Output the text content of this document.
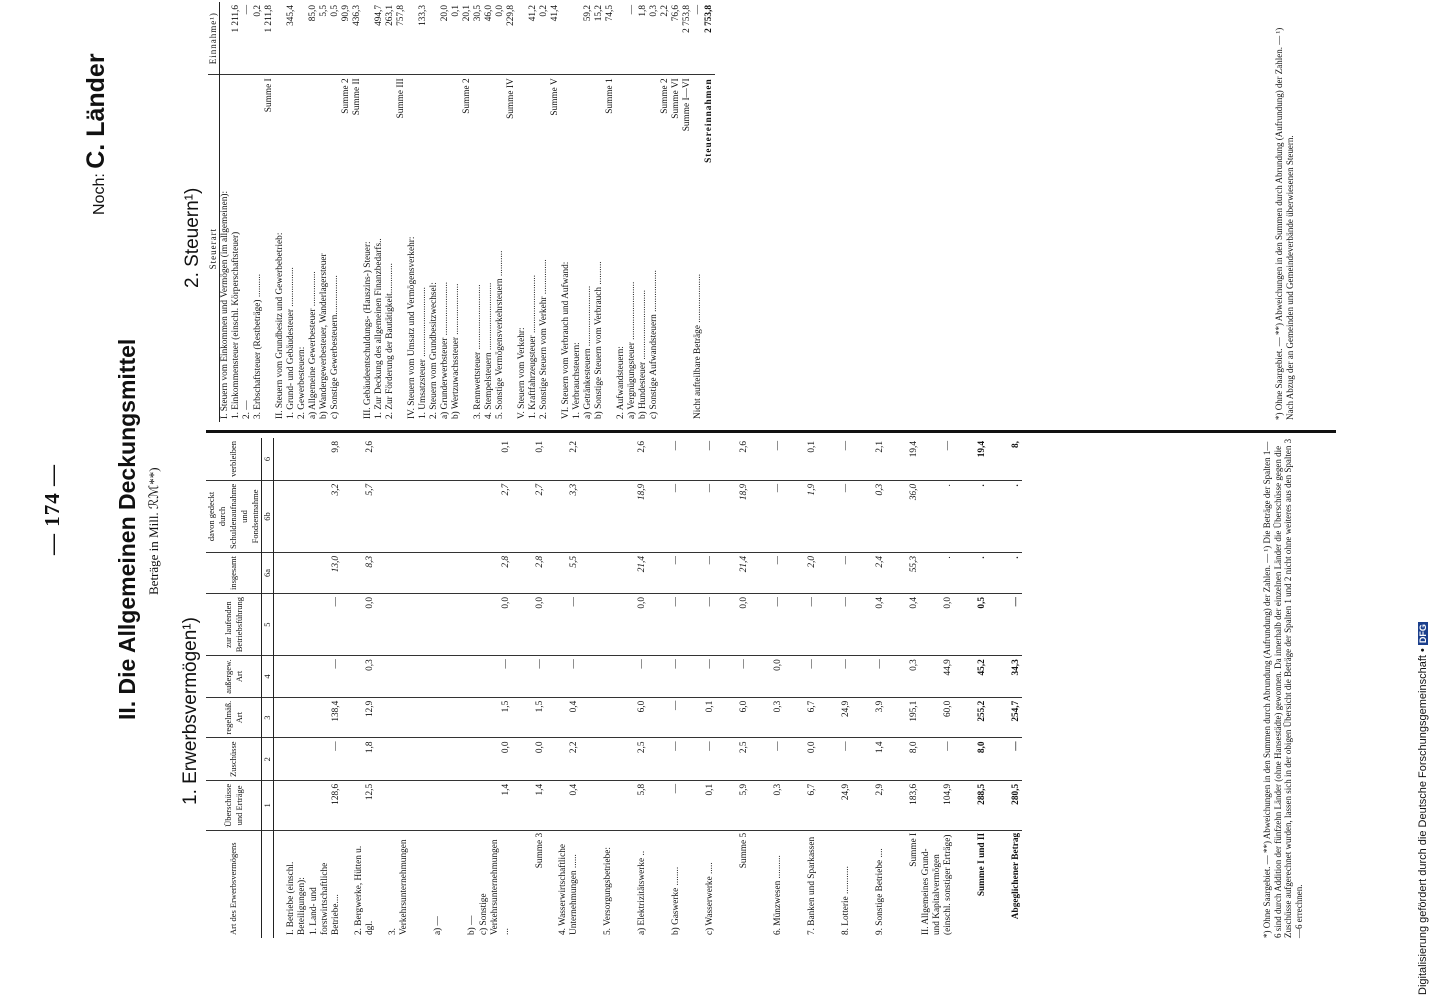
— 174 —
Noch: C. Länder
II. Die Allgemeinen Deckungsmittel Beträge in Mill. ℛℳ**)
1. Erwerbsvermögen¹)
Art des Erwerbsvermögens	Überschüsse und Erträge	Zuschüsse	regelmäß. Art	außergew. Art	zur laufenden Betriebsführung	insgesamt	davon gedeckt durch Schuldenaufnahme und Fondsentnahme	verbleiben
	1	2	3	4	5	6a	6b	6
I. Betriebe (einschl. Beteiligungen):								
1. Land- und forstwirtschaftliche Betriebe....	128,6	—	138,4	—	—	13,0	3,2	9,8
2. Bergwerke, Hütten u. dgl.	12,5	1,8	12,9	0,3	0,0	8,3	5,7	2,6
3. Verkehrsunternehmungen								
a) —								
b) —								
c) Sonstige Verkehrsunternehmungen ...	1,4	0,0	1,5	—	0,0	2,8	2,7	0,1
Summe 3	1,4	0,0	1,5	—	0,0	2,8	2,7	0,1
4. Wasserwirtschaftliche Unternehmungen ......	0,4	2,2	0,4	—	—	5,5	3,3	2,2
5. Versorgungsbetriebe:								
a) Elektrizitätswerke ..	5,8	2,5	6,0	—	0,0	21,4	18,9	2,6
b) Gaswerke ........	—	—	—	—	—	—	—	—
c) Wasserwerke .....	0,1	—	0,1	—	—	—	—	—
Summe 5	5,9	2,5	6,0	—	0,0	21,4	18,9	2,6
6. Münzwesen ..........	0,3	—	0,3	0,0	—	—	—	—
7. Banken und Sparkassen	6,7	0,0	6,7	—	—	2,0	1,9	0,1
8. Lotterie ............	24,9	—	24,9	—	—	—	—	—
9. Sonstige Betriebe ....	2,9	1,4	3,9	—	0,4	2,4	0,3	2,1
Summe I	183,6	8,0	195,1	0,3	0,4	55,3	36,0	19,4
II. Allgemeines Grund- und Kapitalvermögen (einschl. sonstiger Erträge)	104,9	—	60,0	44,9	0,0	.	.	—
Summe I und II	288,5	8,0	255,2	45,2	0,5	.	.	19,4
Abgeglichener Betrag	280,5	—	254,7	34,3	—	.	.	8,	*) Ohne Saargebiet. — **) Abweichungen in den Summen durch Abrundung (Aufrundung) der Zahlen. — ¹) Die Beträge der Spalten 1—6 sind durch Addition der fünfzehn Länder (ohne Hansestädte) gewonnen. Da innerhalb der einzelnen Länder die Überschüsse gegen die Zuschüsse aufgerechnet wurden, lassen sich in der obigen Übersicht die Beträge der Spalten 1 und 2 nicht ohne weiteres aus den Spalten 3—6 errechnen.
2. Steuern¹) Steuerart	Einnahme¹)
I. Steuern vom Einkommen und Vermögen (im allgemeinen):	
1. Einkommensteuer (einschl. Körperschaftsteuer)	1 211,6
2. —	—
3. Erbschaftsteuer (Restbeträge) ..........	0,2
Summe I	1 211,8
II. Steuern vom Grundbesitz und Gewerbebetrieb:	
1. Grund- und Gebäudesteuer .................	345,4
2. Gewerbesteuern:	
a) Allgemeine Gewerbesteuer ...............	85,0
b) Wandergewerbesteuer, Wanderlagersteuer	5,5
c) Sonstige Gewerbesteuern.................	0,5
Summe 2	90,9
Summe II	436,3
III. Gebäudeentschuldungs- (Hauszins-) Steuer:	
1. Zur Deckung des allgemeinen Finanzbedarfs..	494,7
2. Zur Förderung der Bautätigkeit.............	263,1
Summe III	757,8
IV. Steuern vom Umsatz und Vermögensverkehr:	
1. Umsatzsteuer ..............................	133,3
2. Steuern vom Grundbesitzwechsel:	
a) Grunderwerbsteuer .......................	20,0
b) Wertzuwachssteuer ......................	0,1
Summe 2	20,1
3. Rennwettsteuer ............................	30,5
4. Stempelsteuern .............................	46,0
5. Sonstige Vermögensverkehrsteuern ...........	0,0
Summe IV	229,8
V. Steuern vom Verkehr:	
1. Kraftfahrzeugsteuer .........................	41,2
2. Sonstige Steuern vom Verkehr ...............	0,2
Summe V	41,4
VI. Steuern vom Verbrauch und Aufwand:	
1. Verbrauchsteuern:	
a) Getränkesteuern ..........................	59,2
b) Sonstige Steuern vom Verbrauch ..........	15,2
Summe 1	74,5
2. Aufwandsteuern:	
a) Vergnügungsteuer .........................	—
b) Hundesteuer ..............................	1,8
c) Sonstige Aufwandsteuern ..................	0,3
Summe 2	2,2
Summe VI	76,6
Summe I—VI	2 753,8
Nicht aufteilbare Beträge .....................	—
Steuereinnahmen	2 753,8
*) Ohne Saargebiet. — **) Abweichungen in den Summen durch Abrundung (Aufrundung) der Zahlen. — ¹) Nach Abzug der an Gemeinden und Gemeindeverbände überwiesenen Steuern.
Digitalisierung gefördert durch die Deutsche Forschungsgemeinschaft • DFG
